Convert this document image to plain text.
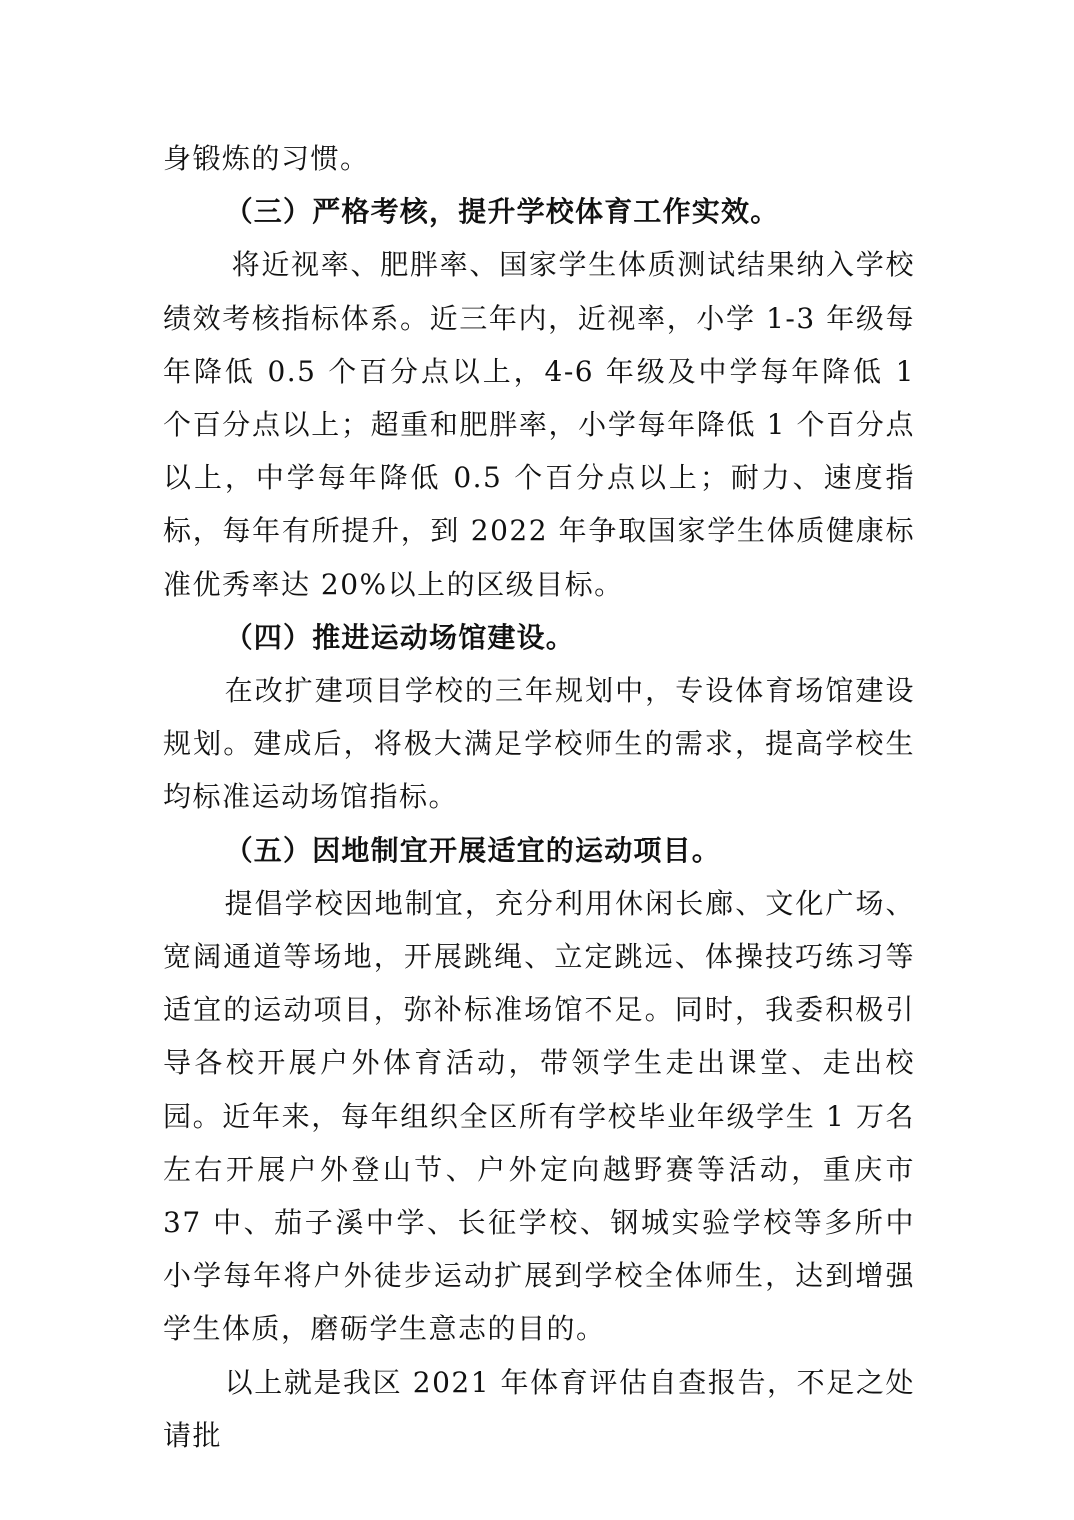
身锻炼的习惯。

（三）严格考核，提升学校体育工作实效。

将近视率、肥胖率、国家学生体质测试结果纳入学校绩效考核指标体系。近三年内，近视率，小学 1-3 年级每年降低 0.5 个百分点以上，4-6 年级及中学每年降低 1 个百分点以上；超重和肥胖率，小学每年降低 1 个百分点以上，中学每年降低 0.5 个百分点以上；耐力、速度指标，每年有所提升，到 2022 年争取国家学生体质健康标准优秀率达 20%以上的区级目标。

（四）推进运动场馆建设。

在改扩建项目学校的三年规划中，专设体育场馆建设规划。建成后，将极大满足学校师生的需求，提高学校生均标准运动场馆指标。

（五）因地制宜开展适宜的运动项目。

提倡学校因地制宜，充分利用休闲长廊、文化广场、宽阔通道等场地，开展跳绳、立定跳远、体操技巧练习等适宜的运动项目，弥补标准场馆不足。同时，我委积极引导各校开展户外体育活动，带领学生走出课堂、走出校园。近年来，每年组织全区所有学校毕业年级学生 1 万名左右开展户外登山节、户外定向越野赛等活动，重庆市 37 中、茄子溪中学、长征学校、钢城实验学校等多所中小学每年将户外徒步运动扩展到学校全体师生，达到增强学生体质，磨砺学生意志的目的。

以上就是我区 2021 年体育评估自查报告，不足之处请批
